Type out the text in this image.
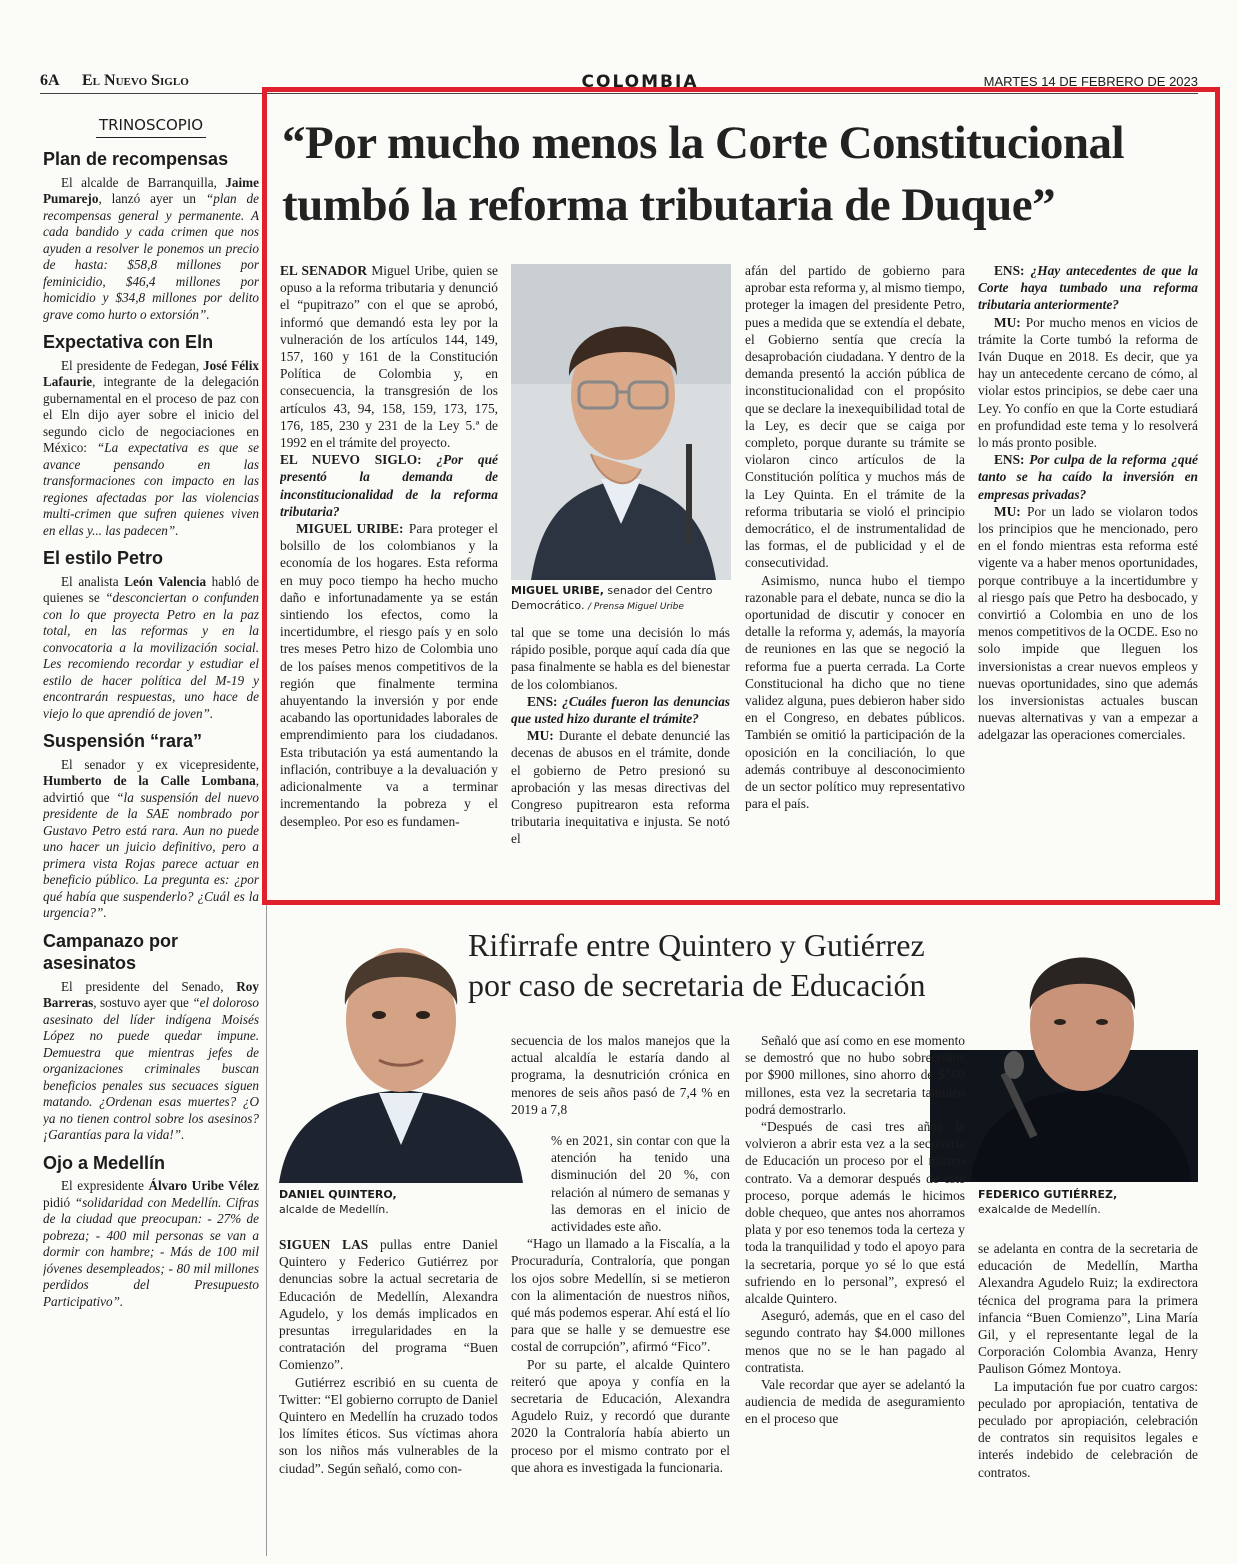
6A El Nuevo Siglo	COLOMBIA	MARTES 14 DE FEBRERO DE 2023
TRINOSCOPIO
Plan de recompensas

El alcalde de Barranquilla, Jaime Pumarejo, lanzó ayer un “plan de recompensas general y permanente. A cada bandido y cada crimen que nos ayuden a resolver le ponemos un precio de hasta: $58,8 millones por feminicidio, $46,4 millones por homicidio y $34,8 millones por delito grave como hurto o extorsión”.

Expectativa con Eln

El presidente de Fedegan, José Félix Lafaurie, integrante de la delegación gubernamental en el proceso de paz con el Eln dijo ayer sobre el inicio del segundo ciclo de negociaciones en México: “La expectativa es que se avance pensando en las transformaciones con impacto en las regiones afectadas por las violencias multi-crimen que sufren quienes viven en ellas y... las padecen”.

El estilo Petro

El analista León Valencia habló de quienes se “desconciertan o confunden con lo que proyecta Petro en la paz total, en las reformas y en la convocatoria a la movilización social. Les recomiendo recordar y estudiar el estilo de hacer política del M-19 y encontrarán respuestas, uno hace de viejo lo que aprendió de joven”.

Suspensión “rara”

El senador y ex vicepresidente, Humberto de la Calle Lombana, advirtió que “la suspensión del nuevo presidente de la SAE nombrado por Gustavo Petro está rara. Aun no puede uno hacer un juicio definitivo, pero a primera vista Rojas parece actuar en beneficio público. La pregunta es: ¿por qué había que suspenderlo? ¿Cuál es la urgencia?”.

Campanazo por asesinatos

El presidente del Senado, Roy Barreras, sostuvo ayer que “el doloroso asesinato del líder indígena Moisés López no puede quedar impune. Demuestra que mientras jefes de organizaciones criminales buscan beneficios penales sus secuaces siguen matando. ¿Ordenan esas muertes? ¿O ya no tienen control sobre los asesinos? ¡Garantías para la vida!”.

Ojo a Medellín

El expresidente Álvaro Uribe Vélez pidió “solidaridad con Medellín. Cifras de la ciudad que preocupan: - 27% de pobreza; - 400 mil personas se van a dormir con hambre; - Más de 100 mil jóvenes desempleados; - 80 mil millones perdidos del Presupuesto Participativo”.

“Por mucho menos la Corte Constitucional tumbó la reforma tributaria de Duque”

EL SENADOR Miguel Uribe, quien se opuso a la reforma tributaria y denunció el “pupitrazo” con el que se aprobó, informó que demandó esta ley por la vulneración de los artículos 144, 149, 157, 160 y 161 de la Constitución Política de Colombia y, en consecuencia, la transgresión de los artículos 43, 94, 158, 159, 173, 175, 176, 185, 230 y 231 de la Ley 5.ª de 1992 en el trámite del proyecto.

EL NUEVO SIGLO: ¿Por qué presentó la demanda de inconstitucionalidad de la reforma tributaria?

MIGUEL URIBE: Para proteger el bolsillo de los colombianos y la economía de los hogares. Esta reforma en muy poco tiempo ha hecho mucho daño e infortunadamente ya se están sintiendo los efectos, como la incertidumbre, el riesgo país y en solo tres meses Petro hizo de Colombia uno de los países menos competitivos de la región que finalmente termina ahuyentando la inversión y por ende acabando las oportunidades laborales de emprendimiento para los ciudadanos. Esta tributación ya está aumentando la inflación, contribuye a la devaluación y adicionalmente va a terminar incrementando la pobreza y el desempleo. Por eso es fundamen-

MIGUEL URIBE, senador del Centro Democrático. / Prensa Miguel Uribe

tal que se tome una decisión lo más rápido posible, porque aquí cada día que pasa finalmente se habla es del bienestar de los colombianos.

ENS: ¿Cuáles fueron las denuncias que usted hizo durante el trámite?

MU: Durante el debate denuncié las decenas de abusos en el trámite, donde el gobierno de Petro presionó su aprobación y las mesas directivas del Congreso pupitrearon esta reforma tributaria inequitativa e injusta. Se notó el

afán del partido de gobierno para aprobar esta reforma y, al mismo tiempo, proteger la imagen del presidente Petro, pues a medida que se extendía el debate, el Gobierno sentía que crecía la desaprobación ciudadana. Y dentro de la demanda presentó la acción pública de inconstitucionalidad con el propósito que se declare la inexequibilidad total de la Ley, es decir que se caiga por completo, porque durante su trámite se violaron cinco artículos de la Constitución política y muchos más de la Ley Quinta. En el trámite de la reforma tributaria se violó el principio democrático, el de instrumentalidad de las formas, el de publicidad y el de consecutividad.

Asimismo, nunca hubo el tiempo razonable para el debate, nunca se dio la oportunidad de discutir y conocer en detalle la reforma y, además, la mayoría de reuniones en las que se negoció la reforma fue a puerta cerrada. La Corte Constitucional ha dicho que no tiene validez alguna, pues debieron haber sido en el Congreso, en debates públicos. También se omitió la participación de la oposición en la conciliación, lo que además contribuye al desconocimiento de un sector político muy representativo para el país.

ENS: ¿Hay antecedentes de que la Corte haya tumbado una reforma tributaria anteriormente?

MU: Por mucho menos en vicios de trámite la Corte tumbó la reforma de Iván Duque en 2018. Es decir, que ya hay un antecedente cercano de cómo, al violar estos principios, se debe caer una Ley. Yo confío en que la Corte estudiará en profundidad este tema y lo resolverá lo más pronto posible.

ENS: Por culpa de la reforma ¿qué tanto se ha caído la inversión en empresas privadas?

MU: Por un lado se violaron todos los principios que he mencionado, pero en el fondo mientras esta reforma esté vigente va a haber menos oportunidades, porque contribuye a la incertidumbre y al riesgo país que Petro ha desbocado, y convirtió a Colombia en uno de los menos competitivos de la OCDE. Eso no solo impide que lleguen los inversionistas a crear nuevos empleos y nuevas oportunidades, sino que además los inversionistas actuales buscan nuevas alternativas y van a empezar a adelgazar las operaciones comerciales.

DANIEL QUINTERO,
alcalde de Medellín.
Rifirrafe entre Quintero y Gutiérrez
por caso de secretaria de Educación
FEDERICO GUTIÉRREZ,
exalcalde de Medellín.

SIGUEN LAS pullas entre Daniel Quintero y Federico Gutiérrez por denuncias sobre la actual secretaria de Educación de Medellín, Alexandra Agudelo, y los demás implicados en presuntas irregularidades en la contratación del programa “Buen Comienzo”.

Gutiérrez escribió en su cuenta de Twitter: “El gobierno corrupto de Daniel Quintero en Medellín ha cruzado todos los límites éticos. Sus víctimas ahora son los niños más vulnerables de la ciudad”. Según señaló, como con-

secuencia de los malos manejos que la actual alcaldía le estaría dando al programa, la desnutrición crónica en menores de seis años pasó de 7,4 % en 2019 a 7,8

% en 2021, sin contar con que la atención ha tenido una disminución del 20 %, con relación al número de semanas y las demoras en el inicio de actividades este año.

“Hago un llamado a la Fiscalía, a la Procuraduría, Contraloría, que pongan los ojos sobre Medellín, si se metieron con la alimentación de nuestros niños, qué más podemos esperar. Ahí está el lío para que se halle y se demuestre ese costal de corrupción”, afirmó “Fico”.

Por su parte, el alcalde Quintero reiteró que apoya y confía en la secretaria de Educación, Alexandra Agudelo Ruiz, y recordó que durante 2020 la Contraloría había abierto un proceso por el mismo contrato por el que ahora es investigada la funcionaria.

Señaló que así como en ese momento se demostró que no hubo sobrecostos por $900 millones, sino ahorro de $500 millones, esta vez la secretaria también podrá demostrarlo.

“Después de casi tres años le volvieron a abrir esta vez a la secretaria de Educación un proceso por el mismo contrato. Va a demorar después de este proceso, porque además le hicimos doble chequeo, que antes nos ahorramos plata y por eso tenemos toda la certeza y toda la tranquilidad y todo el apoyo para la secretaria, porque yo sé lo que está sufriendo en lo personal”, expresó el alcalde Quintero.

Aseguró, además, que en el caso del segundo contrato hay $4.000 millones menos que no se le han pagado al contratista.

Vale recordar que ayer se adelantó la audiencia de medida de aseguramiento en el proceso que

se adelanta en contra de la secretaria de educación de Medellín, Martha Alexandra Agudelo Ruiz; la exdirectora técnica del programa para la primera infancia “Buen Comienzo”, Lina María Gil, y el representante legal de la Corporación Colombia Avanza, Henry Paulison Gómez Montoya.

La imputación fue por cuatro cargos: peculado por apropiación, tentativa de peculado por apropiación, celebración de contratos sin requisitos legales e interés indebido de celebración de contratos.
